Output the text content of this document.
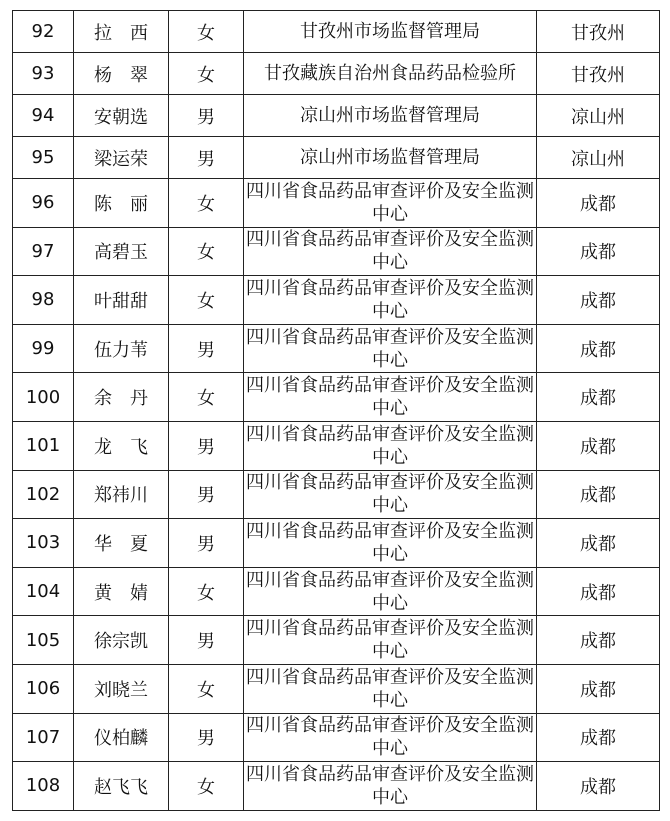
92	拉　西	女	甘孜州市场监督管理局	甘孜州
93	杨　翠	女	甘孜藏族自治州食品药品检验所	甘孜州
94	安朝选	男	凉山州市场监督管理局	凉山州
95	梁运荣	男	凉山州市场监督管理局	凉山州
96	陈　丽	女	四川省食品药品审查评价及安全监测中心	成都
97	高碧玉	女	四川省食品药品审查评价及安全监测中心	成都
98	叶甜甜	女	四川省食品药品审查评价及安全监测中心	成都
99	伍力苇	男	四川省食品药品审查评价及安全监测中心	成都
100	余　丹	女	四川省食品药品审查评价及安全监测中心	成都
101	龙　飞	男	四川省食品药品审查评价及安全监测中心	成都
102	郑祎川	男	四川省食品药品审查评价及安全监测中心	成都
103	华　夏	男	四川省食品药品审查评价及安全监测中心	成都
104	黄　婧	女	四川省食品药品审查评价及安全监测中心	成都
105	徐宗凯	男	四川省食品药品审查评价及安全监测中心	成都
106	刘晓兰	女	四川省食品药品审查评价及安全监测中心	成都
107	仪柏麟	男	四川省食品药品审查评价及安全监测中心	成都
108	赵飞飞	女	四川省食品药品审查评价及安全监测中心	成都
